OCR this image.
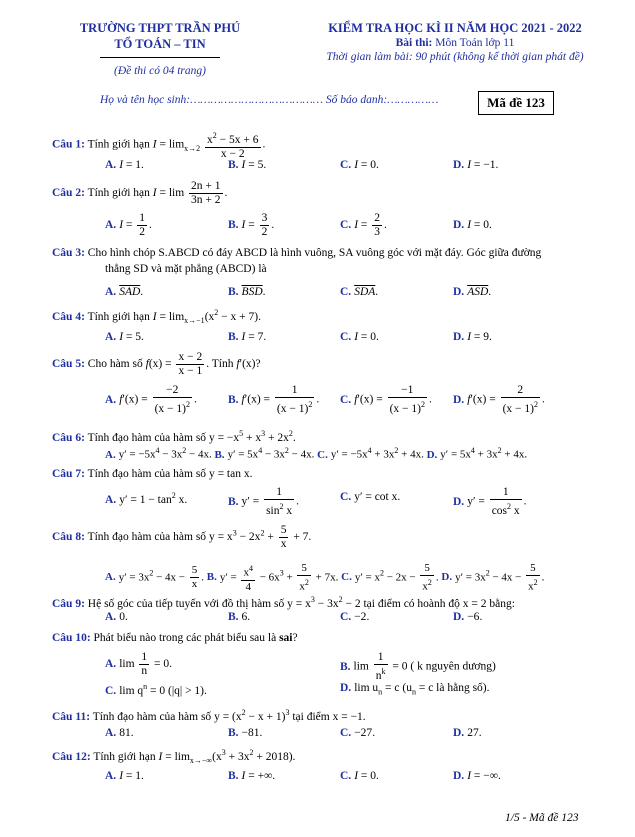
TRƯỜNG THPT TRẦN PHÚ
TỔ TOÁN – TIN
(Đề thi có 04 trang)
KIỂM TRA HỌC KÌ II NĂM HỌC 2021 - 2022
Bài thi: Môn Toán lớp 11
Thời gian làm bài: 90 phút (không kể thời gian phát đề)
Họ và tên học sinh:………………………………… Số báo danh:……………	Mã đề 123
Câu 1: Tính giới hạn $I = \lim_{x\to 2} \frac{x^2 - 5x + 6}{x - 2}$ .
A. I = 1.	B. I = 5.	C. I = 0.	D. I = −1.
Câu 2: Tính giới hạn $I = \lim \frac{2n + 1}{3n + 2}$ .
A. $I = \frac{1}{2}$ .	B. $I = \frac{3}{2}$ .	C. $I = \frac{2}{3}$ .	D. I = 0.
Câu 3: Cho hình chóp S.ABCD có đáy ABCD là hình vuông, SA vuông góc với mặt đáy. Góc giữa đường
thẳng SD và mặt phẳng (ABCD) là
A. $\overline{SAD}$.	B. $\overline{BSD}$.	C. $\overline{SDA}$.	D. $\overline{ASD}$.
Câu 4: Tính giới hạn $I = \lim_{x\to-1}(x^2 - x + 7)$.
A. I = 5.	B. I = 7.	C. I = 0.	D. I = 9.
Câu 5: Cho hàm số $f(x) = \frac{x - 2}{x - 1}$ . Tính f′(x)?
A. $f'(x) = \frac{-2}{(x - 1)^2}$ .	B. $f'(x) = \frac{1}{(x - 1)^2}$ . C. $f'(x) = \frac{-1}{(x - 1)^2}$ . D. $f'(x) = \frac{2}{(x - 1)^2}$ .
Câu 6: Tính đạo hàm của hàm số $y = -x^5 + x^3 + 2x^2$.
A. $y' = -5x^4 - 3x^2 - 4x$. B. $y' = 5x^4 - 3x^2 - 4x$. C. $y' = -5x^4 + 3x^2 + 4x$. D. $y' = 5x^4 + 3x^2 + 4x$.
Câu 7: Tính đạo hàm của hàm số y = tan x.
A. $y' = 1 - \tan^2 x$.	B. $y' = \frac{1}{\sin^2 x}$ .	C. y′ = cot x.	D. $y' = \frac{1}{\cos^2 x}$ .
Câu 8: Tính đạo hàm của hàm số $y = x^3 - 2x^2 + \frac{5}{x} + 7$.
A. $y' = 3x^2 - 4x - \frac{5}{x}$ . B. $y' = \frac{x^4}{4} - 6x^3 + \frac{5}{x^2} + 7x$. C. $y' = x^2 - 2x - \frac{5}{x^2}$ . D. $y' = 3x^2 - 4x - \frac{5}{x^2}$ .
Câu 9: Hệ số góc của tiếp tuyến với đồ thị hàm số $y = x^3 - 3x^2 - 2$ tại điểm có hoành độ x = 2 bằng:
A. 0.	B. 6.	C. −2.	D. −6.
Câu 10: Phát biểu nào trong các phát biểu sau là sai?
A. $\lim \frac{1}{n} = 0$.	B. $\lim \frac{1}{n^k} = 0$ ( k nguyên dương)
C. $\lim q^n = 0$ (|q| > 1).	D. $\lim u_n = c$ ($u_n = c$ là hằng số).
Câu 11: Tính đạo hàm của hàm số $y = (x^2 - x + 1)^3$ tại điểm x = −1.
A. 81.	B. −81.	C. −27.	D. 27.
Câu 12: Tính giới hạn $I = \lim_{x\to-\infty}(x^3 + 3x^2 + 2018)$.
A. I = 1.	B. I = +∞.	C. I = 0.	D. I = −∞.
1/5 - Mã đề 123
